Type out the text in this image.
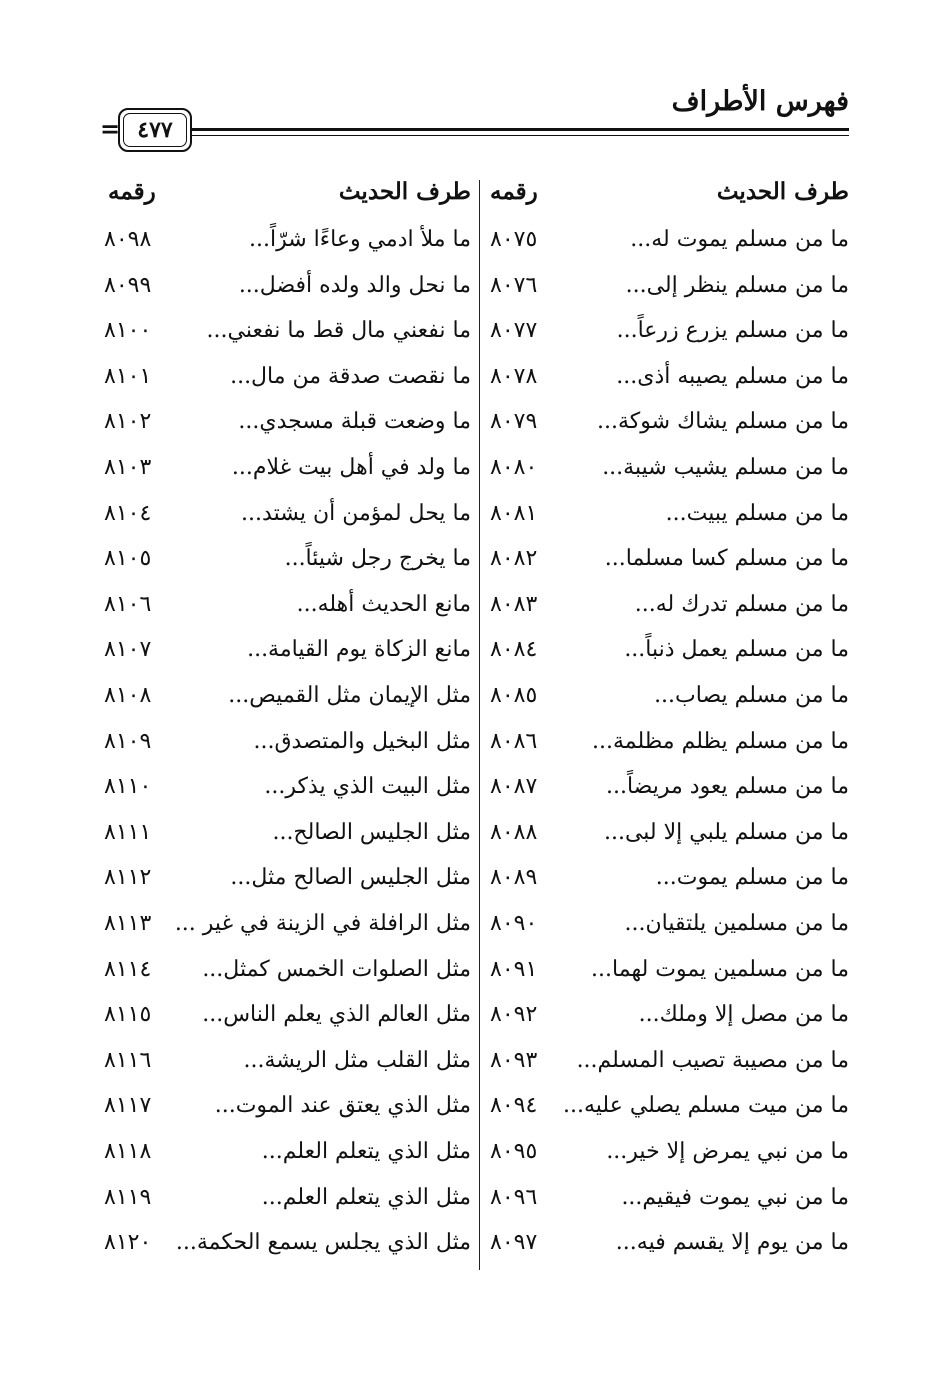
فهرس الأطراف
٤٧٧
=
طرف الحديث
رقمه
طرف الحديث
رقمه
ما من مسلم يموت له...
٨٠٧٥
ما ملأ ادمي وعاءًا شرّاً...
٨٠٩٨
ما من مسلم ينظر إلى...
٨٠٧٦
ما نحل والد ولده أفضل...
٨٠٩٩
ما من مسلم يزرع زرعاً...
٨٠٧٧
ما نفعني مال قط ما نفعني...
٨١٠٠
ما من مسلم يصيبه أذى...
٨٠٧٨
ما نقصت صدقة من مال...
٨١٠١
ما من مسلم يشاك شوكة...
٨٠٧٩
ما وضعت قبلة مسجدي...
٨١٠٢
ما من مسلم يشيب شيبة...
٨٠٨٠
ما ولد في أهل بيت غلام...
٨١٠٣
ما من مسلم يبيت...
٨٠٨١
ما يحل لمؤمن أن يشتد...
٨١٠٤
ما من مسلم كسا مسلما...
٨٠٨٢
ما يخرج رجل شيئاً...
٨١٠٥
ما من مسلم تدرك له...
٨٠٨٣
مانع الحديث أهله...
٨١٠٦
ما من مسلم يعمل ذنباً...
٨٠٨٤
مانع الزكاة يوم القيامة...
٨١٠٧
ما من مسلم يصاب...
٨٠٨٥
مثل الإيمان مثل القميص...
٨١٠٨
ما من مسلم يظلم مظلمة...
٨٠٨٦
مثل البخيل والمتصدق...
٨١٠٩
ما من مسلم يعود مريضاً...
٨٠٨٧
مثل البيت الذي يذكر...
٨١١٠
ما من مسلم يلبي إلا لبى...
٨٠٨٨
مثل الجليس الصالح...
٨١١١
ما من مسلم يموت...
٨٠٨٩
مثل الجليس الصالح مثل...
٨١١٢
ما من مسلمين يلتقيان...
٨٠٩٠
مثل الرافلة في الزينة في غير ...
٨١١٣
ما من مسلمين يموت لهما...
٨٠٩١
مثل الصلوات الخمس كمثل...
٨١١٤
ما من مصل إلا وملك...
٨٠٩٢
مثل العالم الذي يعلم الناس...
٨١١٥
ما من مصيبة تصيب المسلم...
٨٠٩٣
مثل القلب مثل الريشة...
٨١١٦
ما من ميت مسلم يصلي عليه...
٨٠٩٤
مثل الذي يعتق عند الموت...
٨١١٧
ما من نبي يمرض إلا خير...
٨٠٩٥
مثل الذي يتعلم العلم...
٨١١٨
ما من نبي يموت فيقيم...
٨٠٩٦
مثل الذي يتعلم العلم...
٨١١٩
ما من يوم إلا يقسم فيه...
٨٠٩٧
مثل الذي يجلس يسمع الحكمة...
٨١٢٠
